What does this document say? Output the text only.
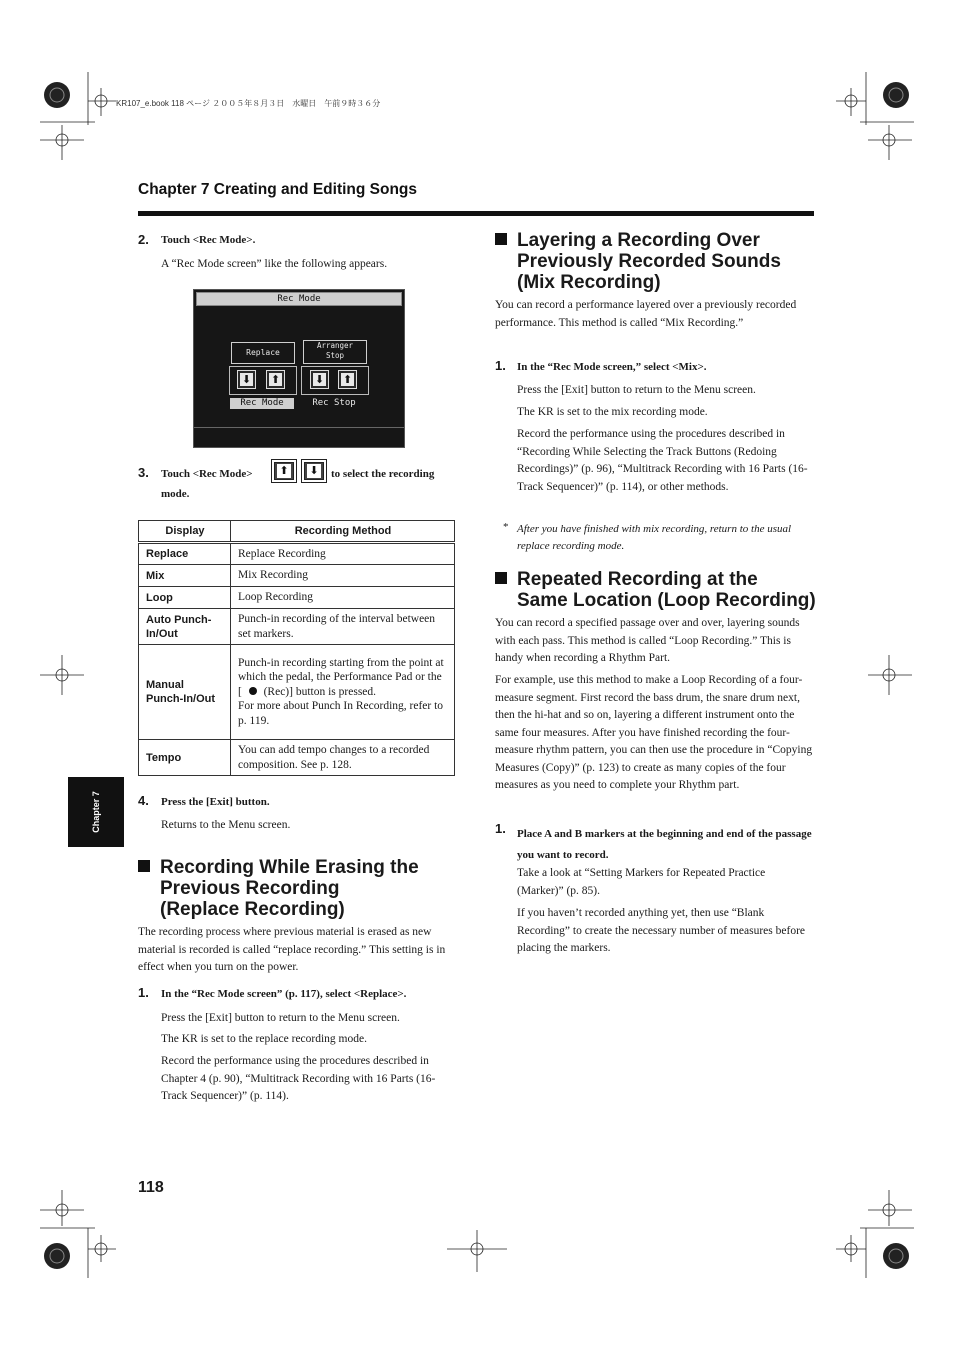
KR107_e.book 118 ページ ２００５年８月３日　水曜日　午前９時３６分
Chapter 7 Creating and Editing Songs
Chapter 7
2. Touch <Rec Mode>.
A “Rec Mode screen” like the following appears.
Rec Mode
Replace
⬇ ⬆
Rec Mode
Arranger
Stop
⬇ ⬆
Rec Stop
3. Touch <Rec Mode> ⬆ ⬇ to select the recording
mode.
Display	Recording Method
Replace	Replace Recording
Mix	Mix Recording
Loop	Loop Recording
Auto Punch-In/Out	Punch-in recording of the interval between set markers.
Manual Punch-In/Out	Punch-in recording starting from the point at which the pedal, the Performance Pad or the [ (Rec)] button is pressed.
For more about Punch In Recording, refer to p. 119.
Tempo	You can add tempo changes to a recorded composition. See p. 128.
4. Press the [Exit] button.
Returns to the Menu screen.
Recording While Erasing the
Previous Recording
(Replace Recording)
The recording process where previous material is erased as new material is recorded is called “replace recording.” This setting is in effect when you turn on the power.
1. In the “Rec Mode screen” (p. 117), select <Replace>.
Press the [Exit] button to return to the Menu screen.
The KR is set to the replace recording mode.
Record the performance using the procedures described in Chapter 4 (p. 90), “Multitrack Recording with 16 Parts (16-Track Sequencer)” (p. 114).
118
Layering a Recording Over
Previously Recorded Sounds
(Mix Recording)
You can record a performance layered over a previously recorded performance. This method is called “Mix Recording.”
1. In the “Rec Mode screen,” select <Mix>.
Press the [Exit] button to return to the Menu screen.
The KR is set to the mix recording mode.
Record the performance using the procedures described in “Recording While Selecting the Track Buttons (Redoing Recordings)” (p. 96), “Multitrack Recording with 16 Parts (16-Track Sequencer)” (p. 114), or other methods.
* After you have finished with mix recording, return to the usual replace recording mode.
Repeated Recording at the
Same Location (Loop Recording)
You can record a specified passage over and over, layering sounds with each pass. This method is called “Loop Recording.” This is handy when recording a Rhythm Part.
For example, use this method to make a Loop Recording of a four-measure segment. First record the bass drum, the snare drum next, then the hi-hat and so on, layering a different instrument onto the same four measures. After you have finished recording the four-measure rhythm pattern, you can then use the procedure in “Copying Measures (Copy)” (p. 123) to create as many copies of the four measures as you need to complete your Rhythm part.
1. Place A and B markers at the beginning and end of the passage you want to record.
Take a look at “Setting Markers for Repeated Practice (Marker)” (p. 85).
If you haven’t recorded anything yet, then use “Blank Recording” to create the necessary number of measures before placing the markers.
